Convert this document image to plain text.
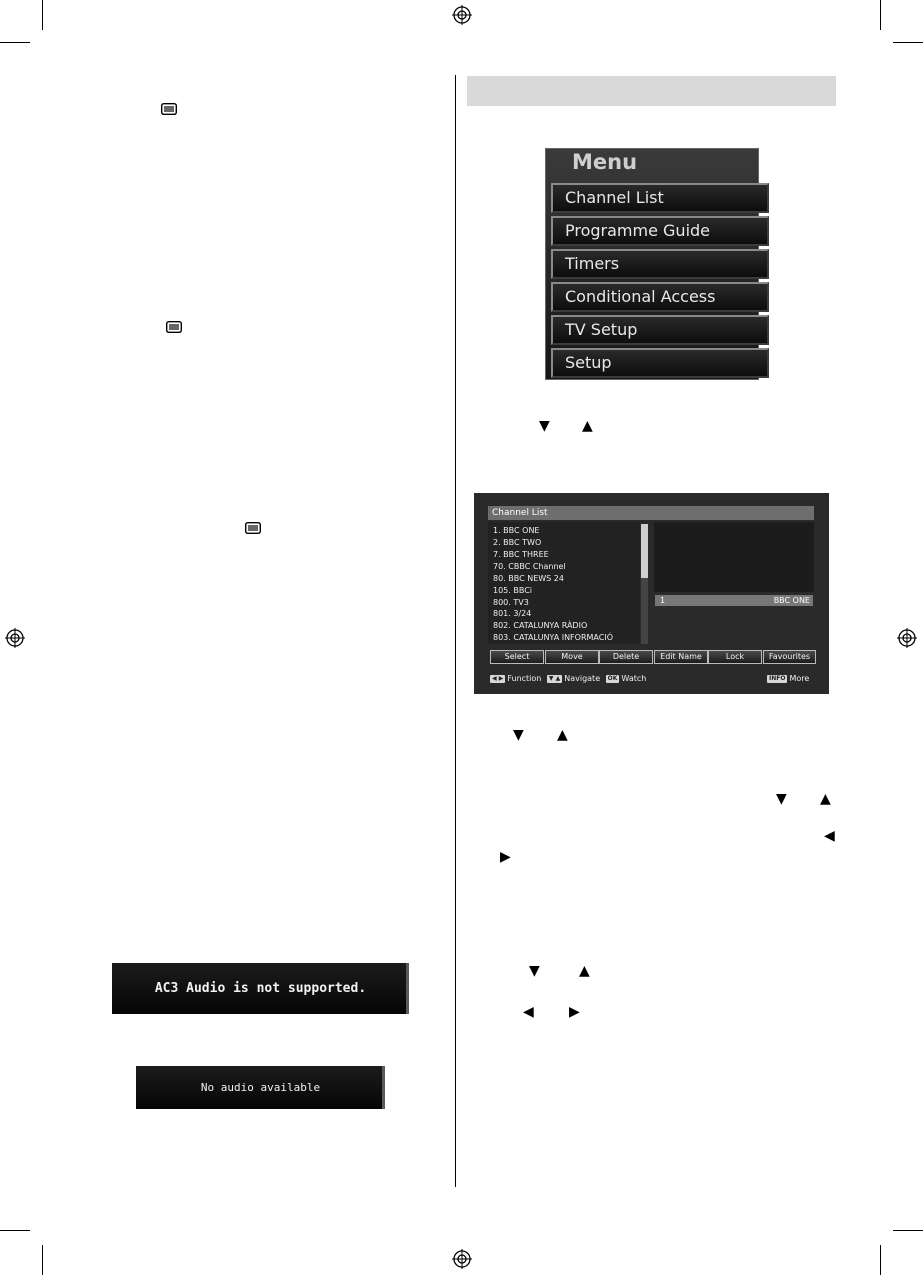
AC3 Audio is not supported.
No audio available
Menu
Channel List
Programme Guide
Timers
Conditional Access
TV Setup
Setup
▼ ▲
Channel List
1. BBC ONE
2. BBC TWO
7. BBC THREE
70. CBBC Channel
80. BBC NEWS 24
105. BBCi
800. TV3
801. 3/24
802. CATALUNYA RÀDIO
803. CATALUNYA INFORMACIÓ
1	BBC ONE
Select	Move	Delete	Edit Name	Lock	Favourites
◀ ▶ Function ▼ ▲ Navigate OK Watch	INFO More
▼ ▲
▼ ▲
◀
▶
▼	▲
◀	▶
